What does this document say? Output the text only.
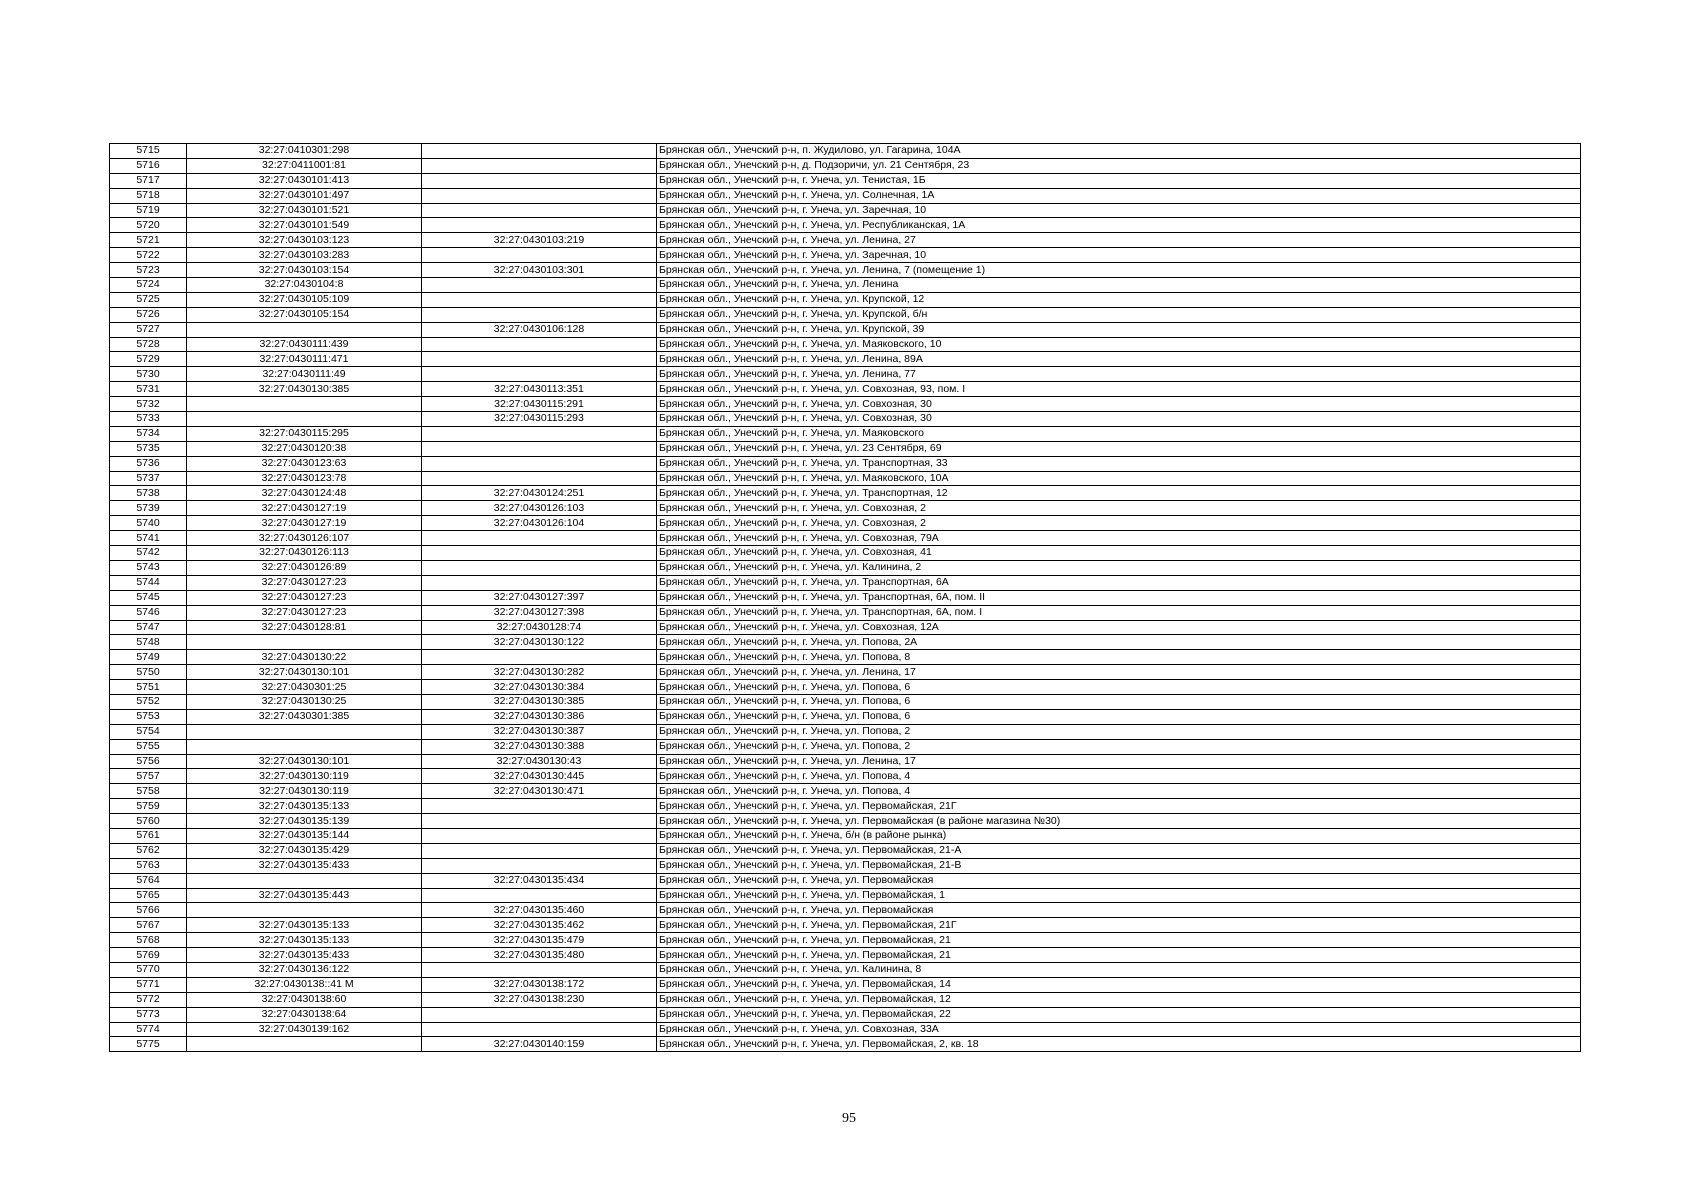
5715	32:27:0410301:298		Брянская обл., Унечский р-н, п. Жудилово, ул. Гагарина, 104А
5716	32:27:0411001:81		Брянская обл., Унечский р-н, д. Подзоричи, ул. 21 Сентября, 23
5717	32:27:0430101:413		Брянская обл., Унечский р-н, г. Унеча, ул. Тенистая, 1Б
5718	32:27:0430101:497		Брянская обл., Унечский р-н, г. Унеча, ул. Солнечная, 1А
5719	32:27:0430101:521		Брянская обл., Унечский р-н, г. Унеча, ул. Заречная, 10
5720	32:27:0430101:549		Брянская обл., Унечский р-н, г. Унеча, ул. Республиканская, 1А
5721	32:27:0430103:123	32:27:0430103:219	Брянская обл., Унечский р-н, г. Унеча, ул. Ленина, 27
5722	32:27:0430103:283		Брянская обл., Унечский р-н, г. Унеча, ул. Заречная, 10
5723	32:27:0430103:154	32:27:0430103:301	Брянская обл., Унечский р-н, г. Унеча, ул. Ленина, 7 (помещение 1)
5724	32:27:0430104:8		Брянская обл., Унечский р-н, г. Унеча, ул. Ленина
5725	32:27:0430105:109		Брянская обл., Унечский р-н, г. Унеча, ул. Крупской, 12
5726	32:27:0430105:154		Брянская обл., Унечский р-н, г. Унеча, ул. Крупской, б/н
5727		32:27:0430106:128	Брянская обл., Унечский р-н, г. Унеча, ул. Крупской, 39
5728	32:27:0430111:439		Брянская обл., Унечский р-н, г. Унеча, ул. Маяковского, 10
5729	32:27:0430111:471		Брянская обл., Унечский р-н, г. Унеча, ул. Ленина, 89А
5730	32:27:0430111:49		Брянская обл., Унечский р-н, г. Унеча, ул. Ленина, 77
5731	32:27:0430130:385	32:27:0430113:351	Брянская обл., Унечский р-н, г. Унеча, ул. Совхозная, 93, пом. I
5732		32:27:0430115:291	Брянская обл., Унечский р-н, г. Унеча, ул. Совхозная, 30
5733		32:27:0430115:293	Брянская обл., Унечский р-н, г. Унеча, ул. Совхозная, 30
5734	32:27:0430115:295		Брянская обл., Унечский р-н, г. Унеча, ул. Маяковского
5735	32:27:0430120:38		Брянская обл., Унечский р-н, г. Унеча, ул. 23 Сентября, 69
5736	32:27:0430123:63		Брянская обл., Унечский р-н, г. Унеча, ул. Транспортная, 33
5737	32:27:0430123:78		Брянская обл., Унечский р-н, г. Унеча, ул. Маяковского, 10А
5738	32:27:0430124:48	32:27:0430124:251	Брянская обл., Унечский р-н, г. Унеча, ул. Транспортная, 12
5739	32:27:0430127:19	32:27:0430126:103	Брянская обл., Унечский р-н, г. Унеча, ул. Совхозная, 2
5740	32:27:0430127:19	32:27:0430126:104	Брянская обл., Унечский р-н, г. Унеча, ул. Совхозная, 2
5741	32:27:0430126:107		Брянская обл., Унечский р-н, г. Унеча, ул. Совхозная, 79А
5742	32:27:0430126:113		Брянская обл., Унечский р-н, г. Унеча, ул. Совхозная, 41
5743	32:27:0430126:89		Брянская обл., Унечский р-н, г. Унеча, ул. Калинина, 2
5744	32:27:0430127:23		Брянская обл., Унечский р-н, г. Унеча, ул. Транспортная, 6А
5745	32:27:0430127:23	32:27:0430127:397	Брянская обл., Унечский р-н, г. Унеча, ул. Транспортная, 6А, пом. II
5746	32:27:0430127:23	32:27:0430127:398	Брянская обл., Унечский р-н, г. Унеча, ул. Транспортная, 6А, пом. I
5747	32:27:0430128:81	32:27:0430128:74	Брянская обл., Унечский р-н, г. Унеча, ул. Совхозная, 12А
5748		32:27:0430130:122	Брянская обл., Унечский р-н, г. Унеча, ул. Попова, 2А
5749	32:27:0430130:22		Брянская обл., Унечский р-н, г. Унеча, ул. Попова, 8
5750	32:27:0430130:101	32:27:0430130:282	Брянская обл., Унечский р-н, г. Унеча, ул. Ленина, 17
5751	32:27:0430301:25	32:27:0430130:384	Брянская обл., Унечский р-н, г. Унеча, ул. Попова, 6
5752	32:27:0430130:25	32:27:0430130:385	Брянская обл., Унечский р-н, г. Унеча, ул. Попова, 6
5753	32:27:0430301:385	32:27:0430130:386	Брянская обл., Унечский р-н, г. Унеча, ул. Попова, 6
5754		32:27:0430130:387	Брянская обл., Унечский р-н, г. Унеча, ул. Попова, 2
5755		32:27:0430130:388	Брянская обл., Унечский р-н, г. Унеча, ул. Попова, 2
5756	32:27:0430130:101	32:27:0430130:43	Брянская обл., Унечский р-н, г. Унеча, ул. Ленина, 17
5757	32:27:0430130:119	32:27:0430130:445	Брянская обл., Унечский р-н, г. Унеча, ул. Попова, 4
5758	32:27:0430130:119	32:27:0430130:471	Брянская обл., Унечский р-н, г. Унеча, ул. Попова, 4
5759	32:27:0430135:133		Брянская обл., Унечский р-н, г. Унеча, ул. Первомайская, 21Г
5760	32:27:0430135:139		Брянская обл., Унечский р-н, г. Унеча, ул. Первомайская (в районе магазина №30)
5761	32:27:0430135:144		Брянская обл., Унечский р-н, г. Унеча, б/н (в районе рынка)
5762	32:27:0430135:429		Брянская обл., Унечский р-н, г. Унеча, ул. Первомайская, 21-А
5763	32:27:0430135:433		Брянская обл., Унечский р-н, г. Унеча, ул. Первомайская, 21-В
5764		32:27:0430135:434	Брянская обл., Унечский р-н, г. Унеча, ул. Первомайская
5765	32:27:0430135:443		Брянская обл., Унечский р-н, г. Унеча, ул. Первомайская, 1
5766		32:27:0430135:460	Брянская обл., Унечский р-н, г. Унеча, ул. Первомайская
5767	32:27:0430135:133	32:27:0430135:462	Брянская обл., Унечский р-н, г. Унеча, ул. Первомайская, 21Г
5768	32:27:0430135:133	32:27:0430135:479	Брянская обл., Унечский р-н, г. Унеча, ул. Первомайская, 21
5769	32:27:0430135:433	32:27:0430135:480	Брянская обл., Унечский р-н, г. Унеча, ул. Первомайская, 21
5770	32:27:0430136:122		Брянская обл., Унечский р-н, г. Унеча, ул. Калинина, 8
5771	32:27:0430138::41 М	32:27:0430138:172	Брянская обл., Унечский р-н, г. Унеча, ул. Первомайская, 14
5772	32:27:0430138:60	32:27:0430138:230	Брянская обл., Унечский р-н, г. Унеча, ул. Первомайская, 12
5773	32:27:0430138:64		Брянская обл., Унечский р-н, г. Унеча, ул. Первомайская, 22
5774	32:27:0430139:162		Брянская обл., Унечский р-н, г. Унеча, ул. Совхозная, 33А
5775		32:27:0430140:159	Брянская обл., Унечский р-н, г. Унеча, ул. Первомайская, 2, кв. 18
95
